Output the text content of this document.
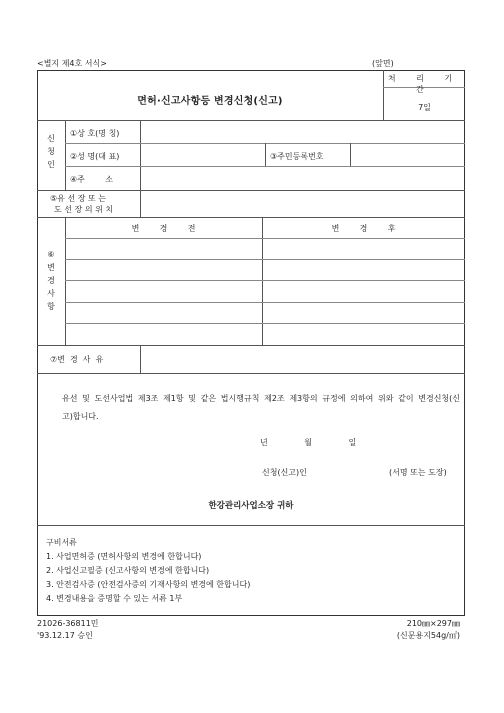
<별지 제4호 서식>	(앞면)
면허·신고사항등 변경신청(신고)
처 리 기 간
7일
신
청
인
①상 호(명 칭)
②성 명(대 표)	③주민등록번호
④주        소
⑤유 선 장 또 는
도 선 장 의 위 치
변        경        전	변        경        후
⑥
변
경
사
항
⑦변  경  사  유
유선 및 도선사업법 제3조 제1항 및 같은 법시행규칙 제2조 제3항의 규정에 의하여 위와 같이 변경신청(신고)합니다.
년 월 일
신청(신고)인	(서명 또는 도장)
한강관리사업소장 귀하
구비서류
1. 사업면허증 (면허사항의 변경에 한합니다)
2. 사업신고필증 (신고사항의 변경에 한합니다)
3. 안전검사증 (안전검사증의 기재사항의 변경에 한합니다)
4. 변경내용을 증명할 수 있는 서류 1부
21026-36811민
'93.12.17 승인
210㎜×297㎜
(신문용지54g/㎡)
